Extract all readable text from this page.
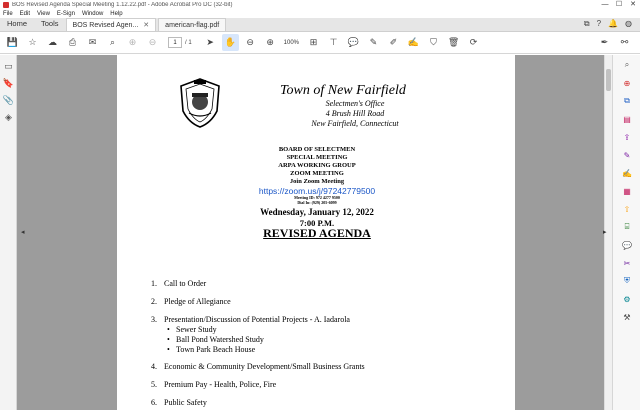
BOS Revised Agenda Special Meeting 1.12.22.pdf - Adobe Acrobat Pro DC (32-bit)	—	☐	✕
File Edit View E-Sign Window Help
Home	Tools	BOS Revised Agen... ✕ american-flag.pdf	⧉ ? 🔔 ◍
💾	☆	☁	⎙	✉	⌕	⊕	⊖	1	/ 1	➤	✋	⊖	⊕	100%	⊞	⊤	💬	✎	✐	✍	⛉	🗑	⟳	✒	⚯
▭
🔖
📎
◈
◂
Town of New Fairfield
Selectmen's Office
4 Brush Hill Road
New Fairfield, Connecticut
BOARD OF SELECTMEN
SPECIAL MEETING
ARPA WORKING GROUP
ZOOM MEETING
Join Zoom Meeting
https://zoom.us/j/97242779500
Meeting ID: 972 4277 9500
Dial In: (929) 205-6099
Wednesday, January 12, 2022
7:00 P.M.
REVISED AGENDA
1. Call to Order
2. Pledge of Allegiance
3. Presentation/Discussion of Potential Projects - A. Iadarola
• Sewer Study
• Ball Pond Watershed Study
• Town Park Beach House
4. Economic & Community Development/Small Business Grants
5. Premium Pay - Health, Police, Fire
6. Public Safety
▸
⌕
⊕
⧉
▤
⇪
✎
✍
▦
⇧
⌸
💬
✂
⛨
⚙
⚒
